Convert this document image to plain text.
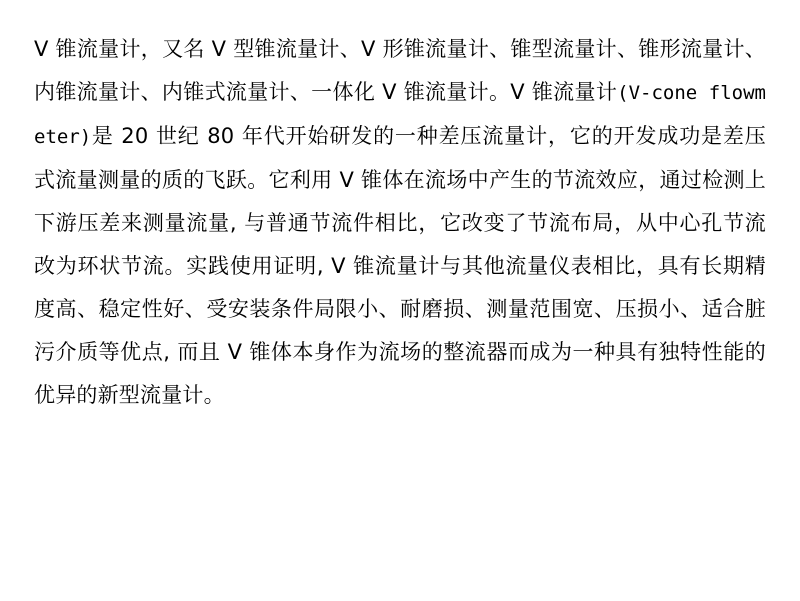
V 锥流量计，又名 V 型锥流量计、V 形锥流量计、锥型流量计、锥形流量计、内锥流量计、内锥式流量计、一体化 V 锥流量计。V 锥流量计(V-cone flowmeter)是 20 世纪 80 年代开始研发的一种差压流量计，它的开发成功是差压式流量测量的质的飞跃。它利用 V 锥体在流场中产生的节流效应，通过检测上下游压差来测量流量, 与普通节流件相比，它改变了节流布局，从中心孔节流改为环状节流。实践使用证明, V 锥流量计与其他流量仪表相比，具有长期精度高、稳定性好、受安装条件局限小、耐磨损、测量范围宽、压损小、适合脏污介质等优点, 而且 V 锥体本身作为流场的整流器而成为一种具有独特性能的优异的新型流量计。
